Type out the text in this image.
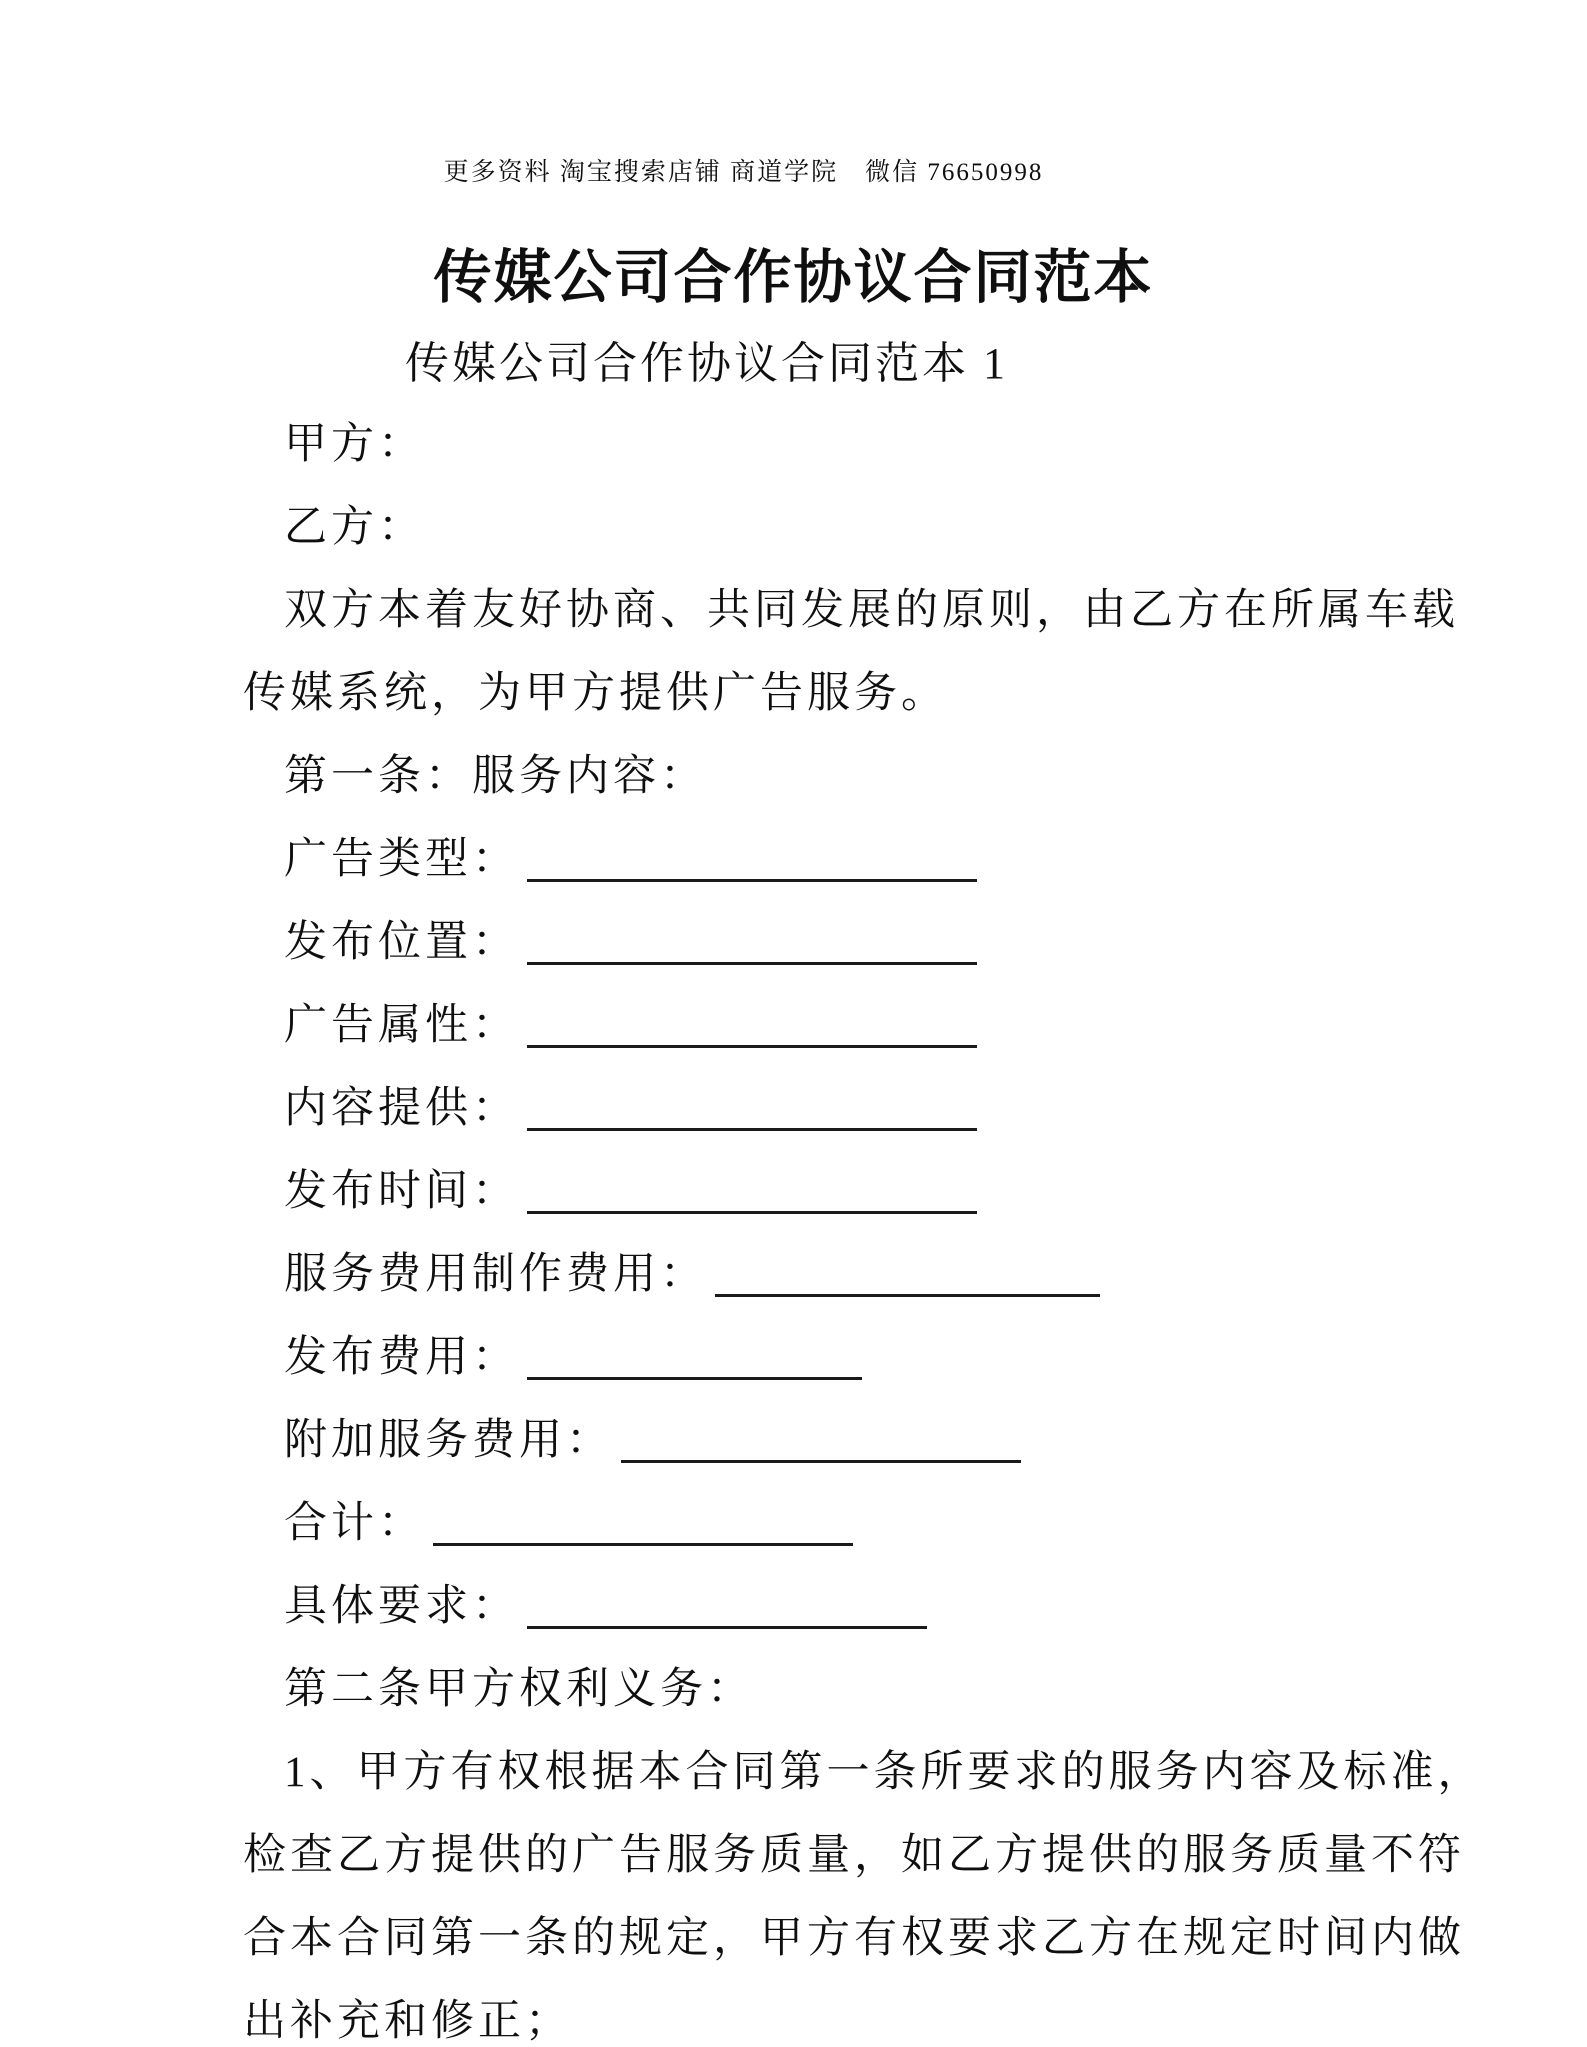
更多资料 淘宝搜索店铺 商道学院　微信 76650998
传媒公司合作协议合同范本
传媒公司合作协议合同范本 1
甲方：
乙方：
双方本着友好协商、共同发展的原则，由乙方在所属车载
传媒系统，为甲方提供广告服务。
第一条：服务内容：
广告类型：
发布位置：
广告属性：
内容提供：
发布时间：
服务费用制作费用：
发布费用：
附加服务费用：
合计：
具体要求：
第二条甲方权利义务：
1、甲方有权根据本合同第一条所要求的服务内容及标准，
检查乙方提供的广告服务质量，如乙方提供的服务质量不符
合本合同第一条的规定，甲方有权要求乙方在规定时间内做
出补充和修正；
